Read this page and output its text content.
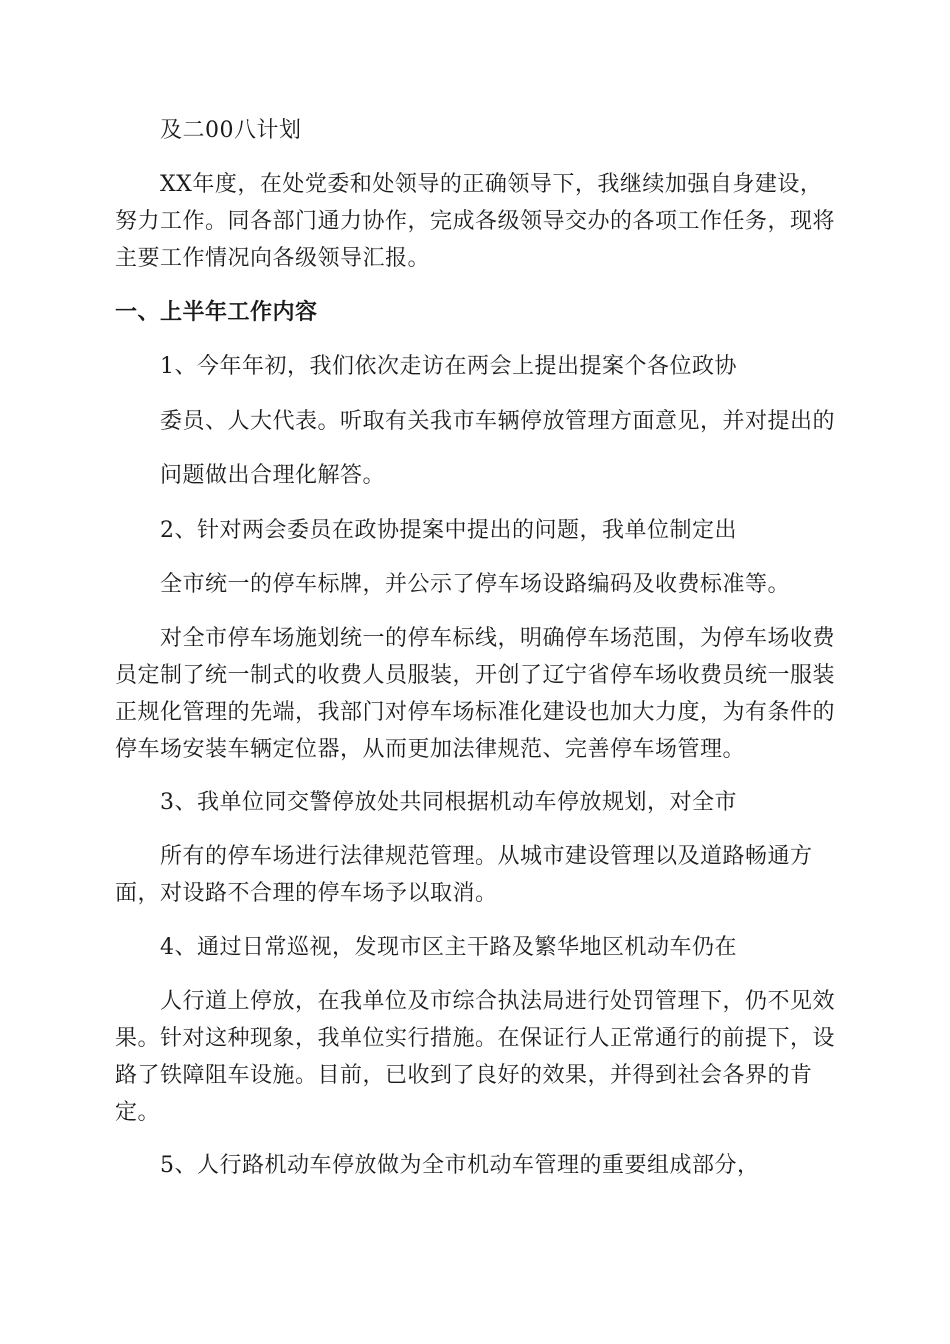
及二00八计划
XX年度，在处党委和处领导的正确领导下，我继续加强自身建设，
努力工作。同各部门通力协作，完成各级领导交办的各项工作任务，现将
主要工作情况向各级领导汇报。
一、上半年工作内容
1、今年年初，我们依次走访在两会上提出提案个各位政协
委员、人大代表。听取有关我市车辆停放管理方面意见，并对提出的
问题做出合理化解答。
2、针对两会委员在政协提案中提出的问题，我单位制定出
全市统一的停车标牌，并公示了停车场设路编码及收费标准等。
对全市停车场施划统一的停车标线，明确停车场范围，为停车场收费
员定制了统一制式的收费人员服装，开创了辽宁省停车场收费员统一服装
正规化管理的先端，我部门对停车场标准化建设也加大力度，为有条件的
停车场安装车辆定位器，从而更加法律规范、完善停车场管理。
3、我单位同交警停放处共同根据机动车停放规划，对全市
所有的停车场进行法律规范管理。从城市建设管理以及道路畅通方
面，对设路不合理的停车场予以取消。
4、通过日常巡视，发现市区主干路及繁华地区机动车仍在
人行道上停放，在我单位及市综合执法局进行处罚管理下，仍不见效
果。针对这种现象，我单位实行措施。在保证行人正常通行的前提下，设
路了铁障阻车设施。目前，已收到了良好的效果，并得到社会各界的肯
定。
5、人行路机动车停放做为全市机动车管理的重要组成部分，
